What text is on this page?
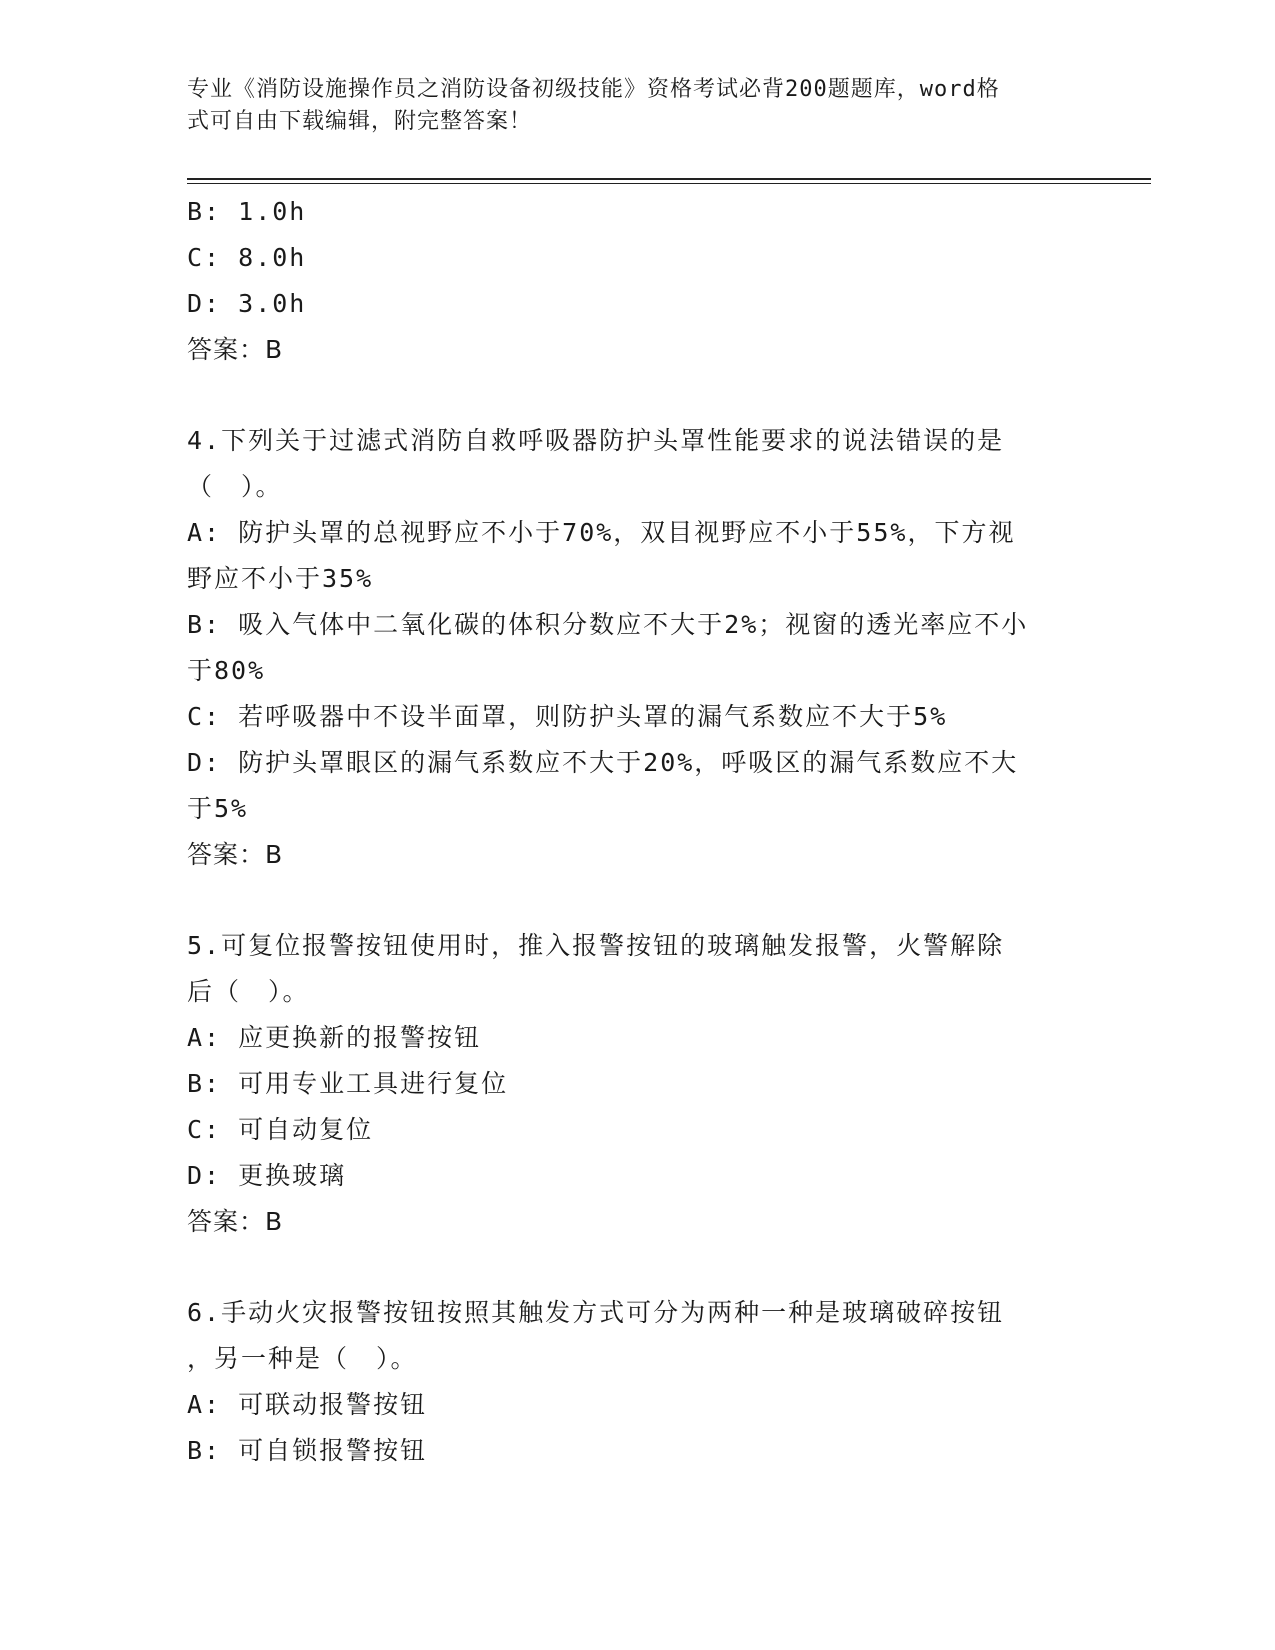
专业《消防设施操作员之消防设备初级技能》资格考试必背200题题库，word格
式可自由下载编辑，附完整答案！
B: 1.0h
C: 8.0h
D: 3.0h
答案：B
4.下列关于过滤式消防自救呼吸器防护头罩性能要求的说法错误的是
（　）。
A: 防护头罩的总视野应不小于70%，双目视野应不小于55%，下方视
野应不小于35%
B: 吸入气体中二氧化碳的体积分数应不大于2%；视窗的透光率应不小
于80%
C: 若呼吸器中不设半面罩，则防护头罩的漏气系数应不大于5%
D: 防护头罩眼区的漏气系数应不大于20%，呼吸区的漏气系数应不大
于5%
答案：B
5.可复位报警按钮使用时，推入报警按钮的玻璃触发报警，火警解除
后（　）。
A: 应更换新的报警按钮
B: 可用专业工具进行复位
C: 可自动复位
D: 更换玻璃
答案：B
6.手动火灾报警按钮按照其触发方式可分为两种一种是玻璃破碎按钮
，另一种是（　）。
A: 可联动报警按钮
B: 可自锁报警按钮
